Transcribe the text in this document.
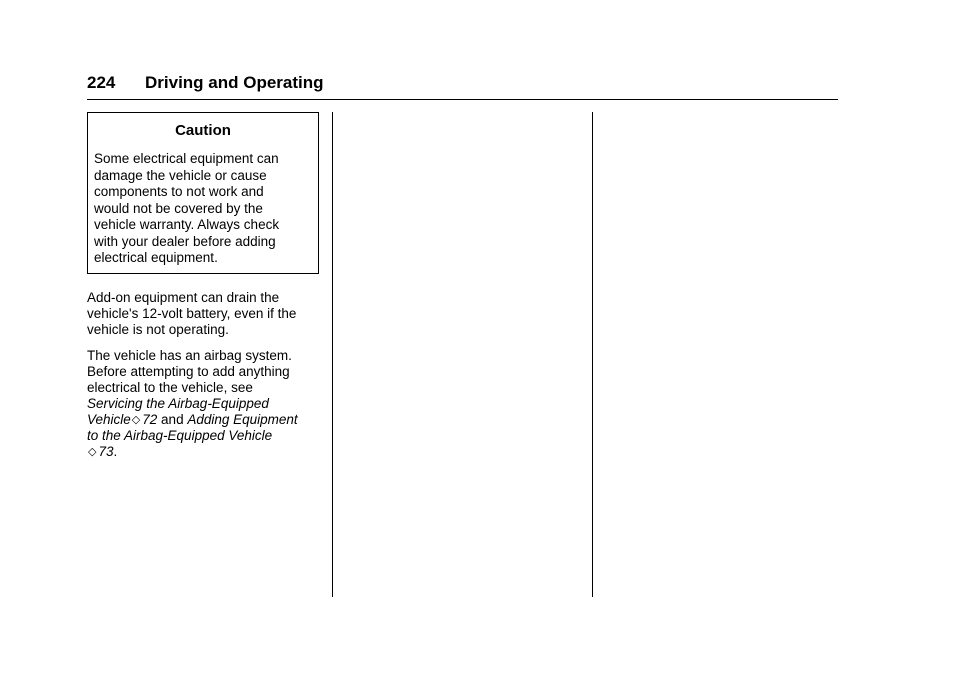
224 Driving and Operating
Caution

Some electrical equipment can
damage the vehicle or cause
components to not work and
would not be covered by the
vehicle warranty. Always check
with your dealer before adding
electrical equipment.

Add-on equipment can drain the
vehicle's 12-volt battery, even if the
vehicle is not operating.

The vehicle has an airbag system.
Before attempting to add anything
electrical to the vehicle, see
Servicing the Airbag-Equipped
Vehicle◇ 72 and Adding Equipment
to the Airbag-Equipped Vehicle
◇ 73.
